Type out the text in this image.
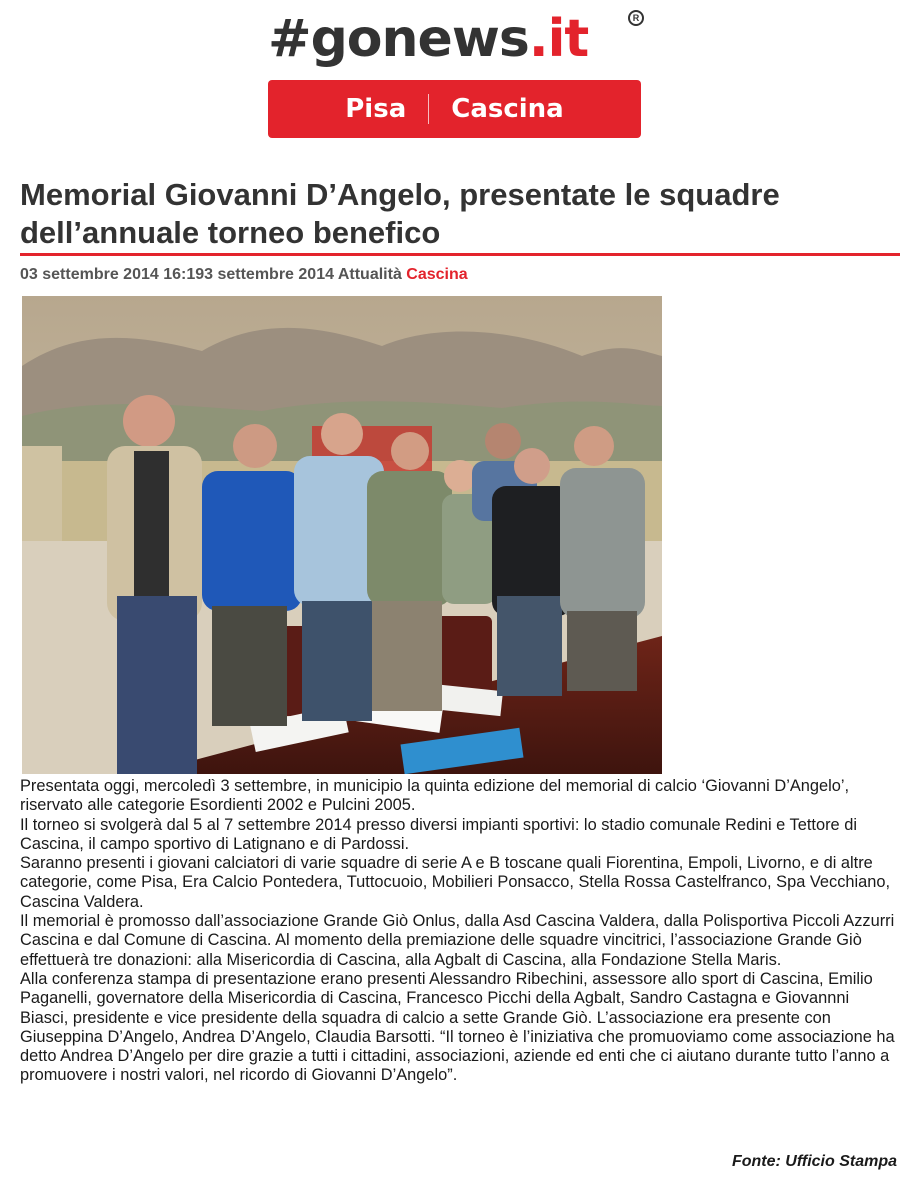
#gonews.it	R
Pisa Cascina
Memorial Giovanni D’Angelo, presentate le squadre dell’annuale torneo benefico
03 settembre 2014 16:193 settembre 2014 Attualità Cascina

Presentata oggi, mercoledì 3 settembre, in municipio la quinta edizione del memorial di calcio ‘Giovanni D’Angelo’, riservato alle categorie Esordienti 2002 e Pulcini 2005.

Il torneo si svolgerà dal 5 al 7 settembre 2014 presso diversi impianti sportivi: lo stadio comunale Redini e Tettore di Cascina, il campo sportivo di Latignano e di Pardossi.

Saranno presenti i giovani calciatori di varie squadre di serie A e B toscane quali Fiorentina, Empoli, Livorno, e di altre categorie, come Pisa, Era Calcio Pontedera, Tuttocuoio, Mobilieri Ponsacco, Stella Rossa Castelfranco, Spa Vecchiano, Cascina Valdera.

Il memorial è promosso dall’associazione Grande Giò Onlus, dalla Asd Cascina Valdera, dalla Polisportiva Piccoli Azzurri Cascina e dal Comune di Cascina. Al momento della premiazione delle squadre vincitrici, l’associazione Grande Giò effettuerà tre donazioni: alla Misericordia di Cascina, alla Agbalt di Cascina, alla Fondazione Stella Maris.

Alla conferenza stampa di presentazione erano presenti Alessandro Ribechini, assessore allo sport di Cascina, Emilio Paganelli, governatore della Misericordia di Cascina, Francesco Picchi della Agbalt, Sandro Castagna e Giovannni Biasci, presidente e vice presidente della squadra di calcio a sette Grande Giò. L’associazione era presente con Giuseppina D’Angelo, Andrea D’Angelo, Claudia Barsotti. “Il torneo è l’iniziativa che promuoviamo come associazione ha detto Andrea D’Angelo per dire grazie a tutti i cittadini, associazioni, aziende ed enti che ci aiutano durante tutto l’anno a promuovere i nostri valori, nel ricordo di Giovanni D’Angelo”.

Fonte: Ufficio Stampa
